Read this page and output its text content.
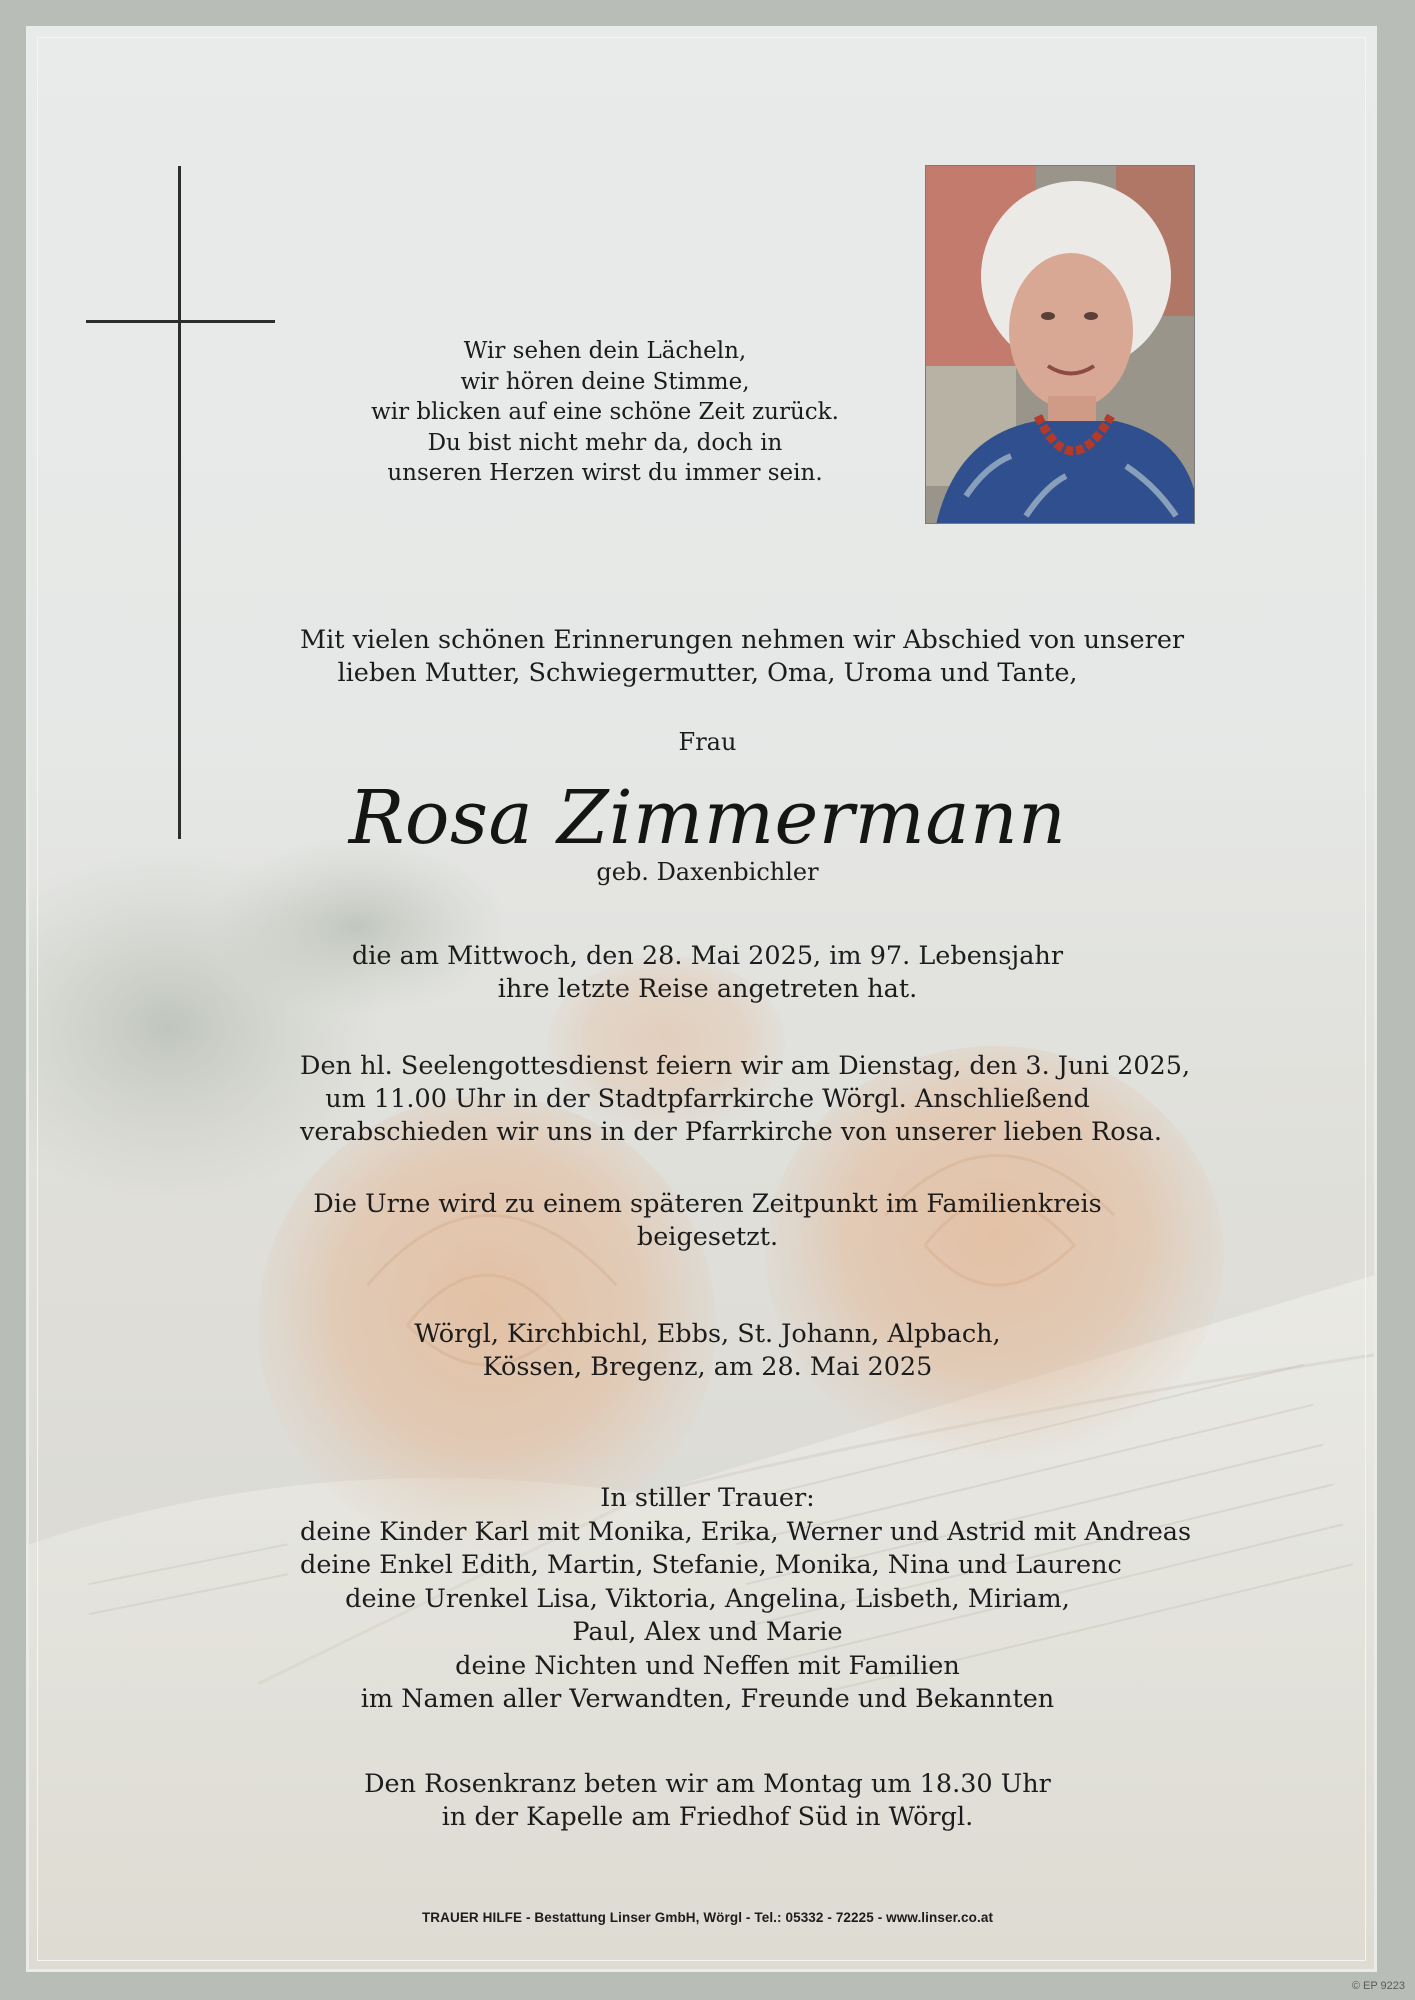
Wir sehen dein Lächeln,
wir hören deine Stimme,
wir blicken auf eine schöne Zeit zurück.
Du bist nicht mehr da, doch in
unseren Herzen wirst du immer sein.
Mit vielen schönen Erinnerungen nehmen wir Abschied von unserer
lieben Mutter, Schwiegermutter, Oma, Uroma und Tante,
Frau
Rosa Zimmermann
geb. Daxenbichler
die am Mittwoch, den 28. Mai 2025, im 97. Lebensjahr
ihre letzte Reise angetreten hat.
Den hl. Seelengottesdienst feiern wir am Dienstag, den 3. Juni 2025,
um 11.00 Uhr in der Stadtpfarrkirche Wörgl. Anschließend
verabschieden wir uns in der Pfarrkirche von unserer lieben Rosa.
Die Urne wird zu einem späteren Zeitpunkt im Familienkreis
beigesetzt.
Wörgl, Kirchbichl, Ebbs, St. Johann, Alpbach,
Kössen, Bregenz, am 28. Mai 2025
In stiller Trauer:
deine Kinder Karl mit Monika, Erika, Werner und Astrid mit Andreas
deine Enkel Edith, Martin, Stefanie, Monika, Nina und Laurenc
deine Urenkel Lisa, Viktoria, Angelina, Lisbeth, Miriam,
Paul, Alex und Marie
deine Nichten und Neffen mit Familien
im Namen aller Verwandten, Freunde und Bekannten
Den Rosenkranz beten wir am Montag um 18.30 Uhr
in der Kapelle am Friedhof Süd in Wörgl.
TRAUER HILFE - Bestattung Linser GmbH, Wörgl - Tel.: 05332 - 72225 - www.linser.co.at
© EP 9223
